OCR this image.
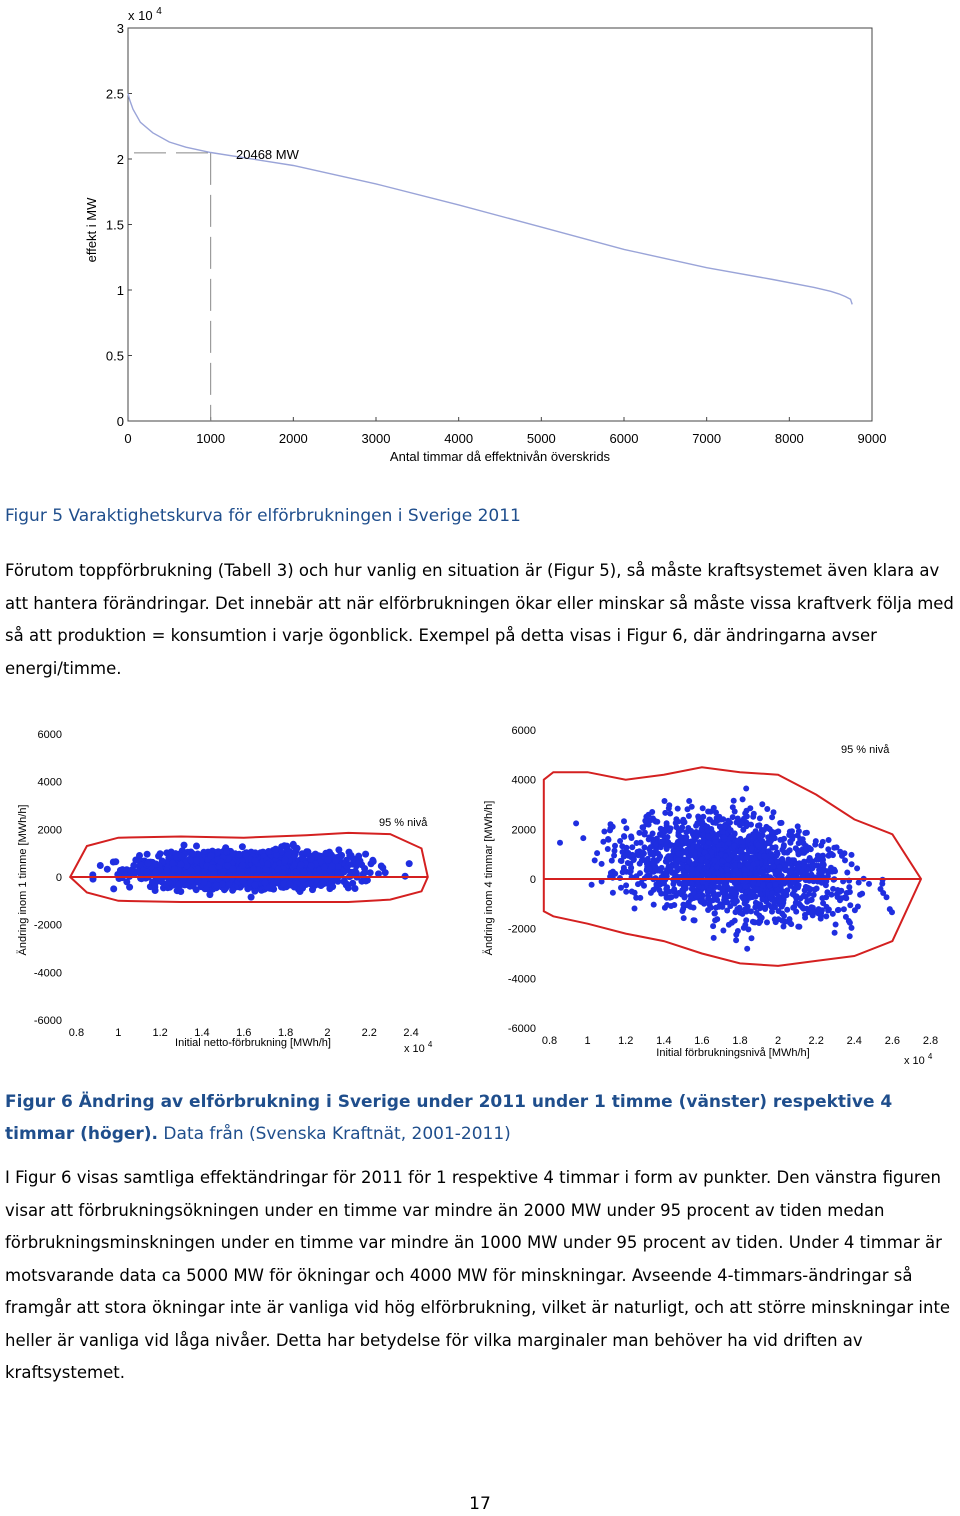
0
0.5
1
1.5
2
2.5
3
0	1000	2000	3000	4000	5000	6000	7000	8000	9000
20468 MW
x 10 $^4$
effekt i MW
Antal timmar då effektnivån överskrids

Figur 5 Varaktighetskurva för elförbrukningen i Sverige 2011

Förutom toppförbrukning (Tabell 3) och hur vanlig en situation är (Figur 5), så måste kraftsystemet även klara av att hantera förändringar. Det innebär att när elförbrukningen ökar eller minskar så måste vissa kraftverk följa med så att produktion = konsumtion i varje ögonblick. Exempel på detta visas i Figur 6, där ändringarna avser energi/timme.

6000
4000
2000
0
-2000
-4000
-6000
0.8	1	1.2 1.4 1.6 1.8	2	2.2 2.4
95 % nivå
Ändring inom 1 timme [MWh/h]
Initial netto-förbrukning [MWh/h]	x 10 $^4$
6000
4000
2000
0
-2000
-4000
-6000
0.8 1 1.2 1.4 1.6 1.8 2 2.2 2.4 2.6 2.8
95 % nivå
Ändring inom 4 timmar [MWh/h]
Initial förbrukningsnivå [MWh/h]
x 10 $^4$

Figur 6 Ändring av elförbrukning i Sverige under 2011 under 1 timme (vänster) respektive 4 timmar (höger). Data från (Svenska Kraftnät, 2001-2011)

I Figur 6 visas samtliga effektändringar för 2011 för 1 respektive 4 timmar i form av punkter. Den vänstra figuren visar att förbrukningsökningen under en timme var mindre än 2000 MW under 95 procent av tiden medan förbrukningsminskningen under en timme var mindre än 1000 MW under 95 procent av tiden. Under 4 timmar är motsvarande data ca 5000 MW för ökningar och 4000 MW för minskningar. Avseende 4-timmars-ändringar så framgår att stora ökningar inte är vanliga vid hög elförbrukning, vilket är naturligt, och att större minskningar inte heller är vanliga vid låga nivåer. Detta har betydelse för vilka marginaler man behöver ha vid driften av kraftsystemet.

17
